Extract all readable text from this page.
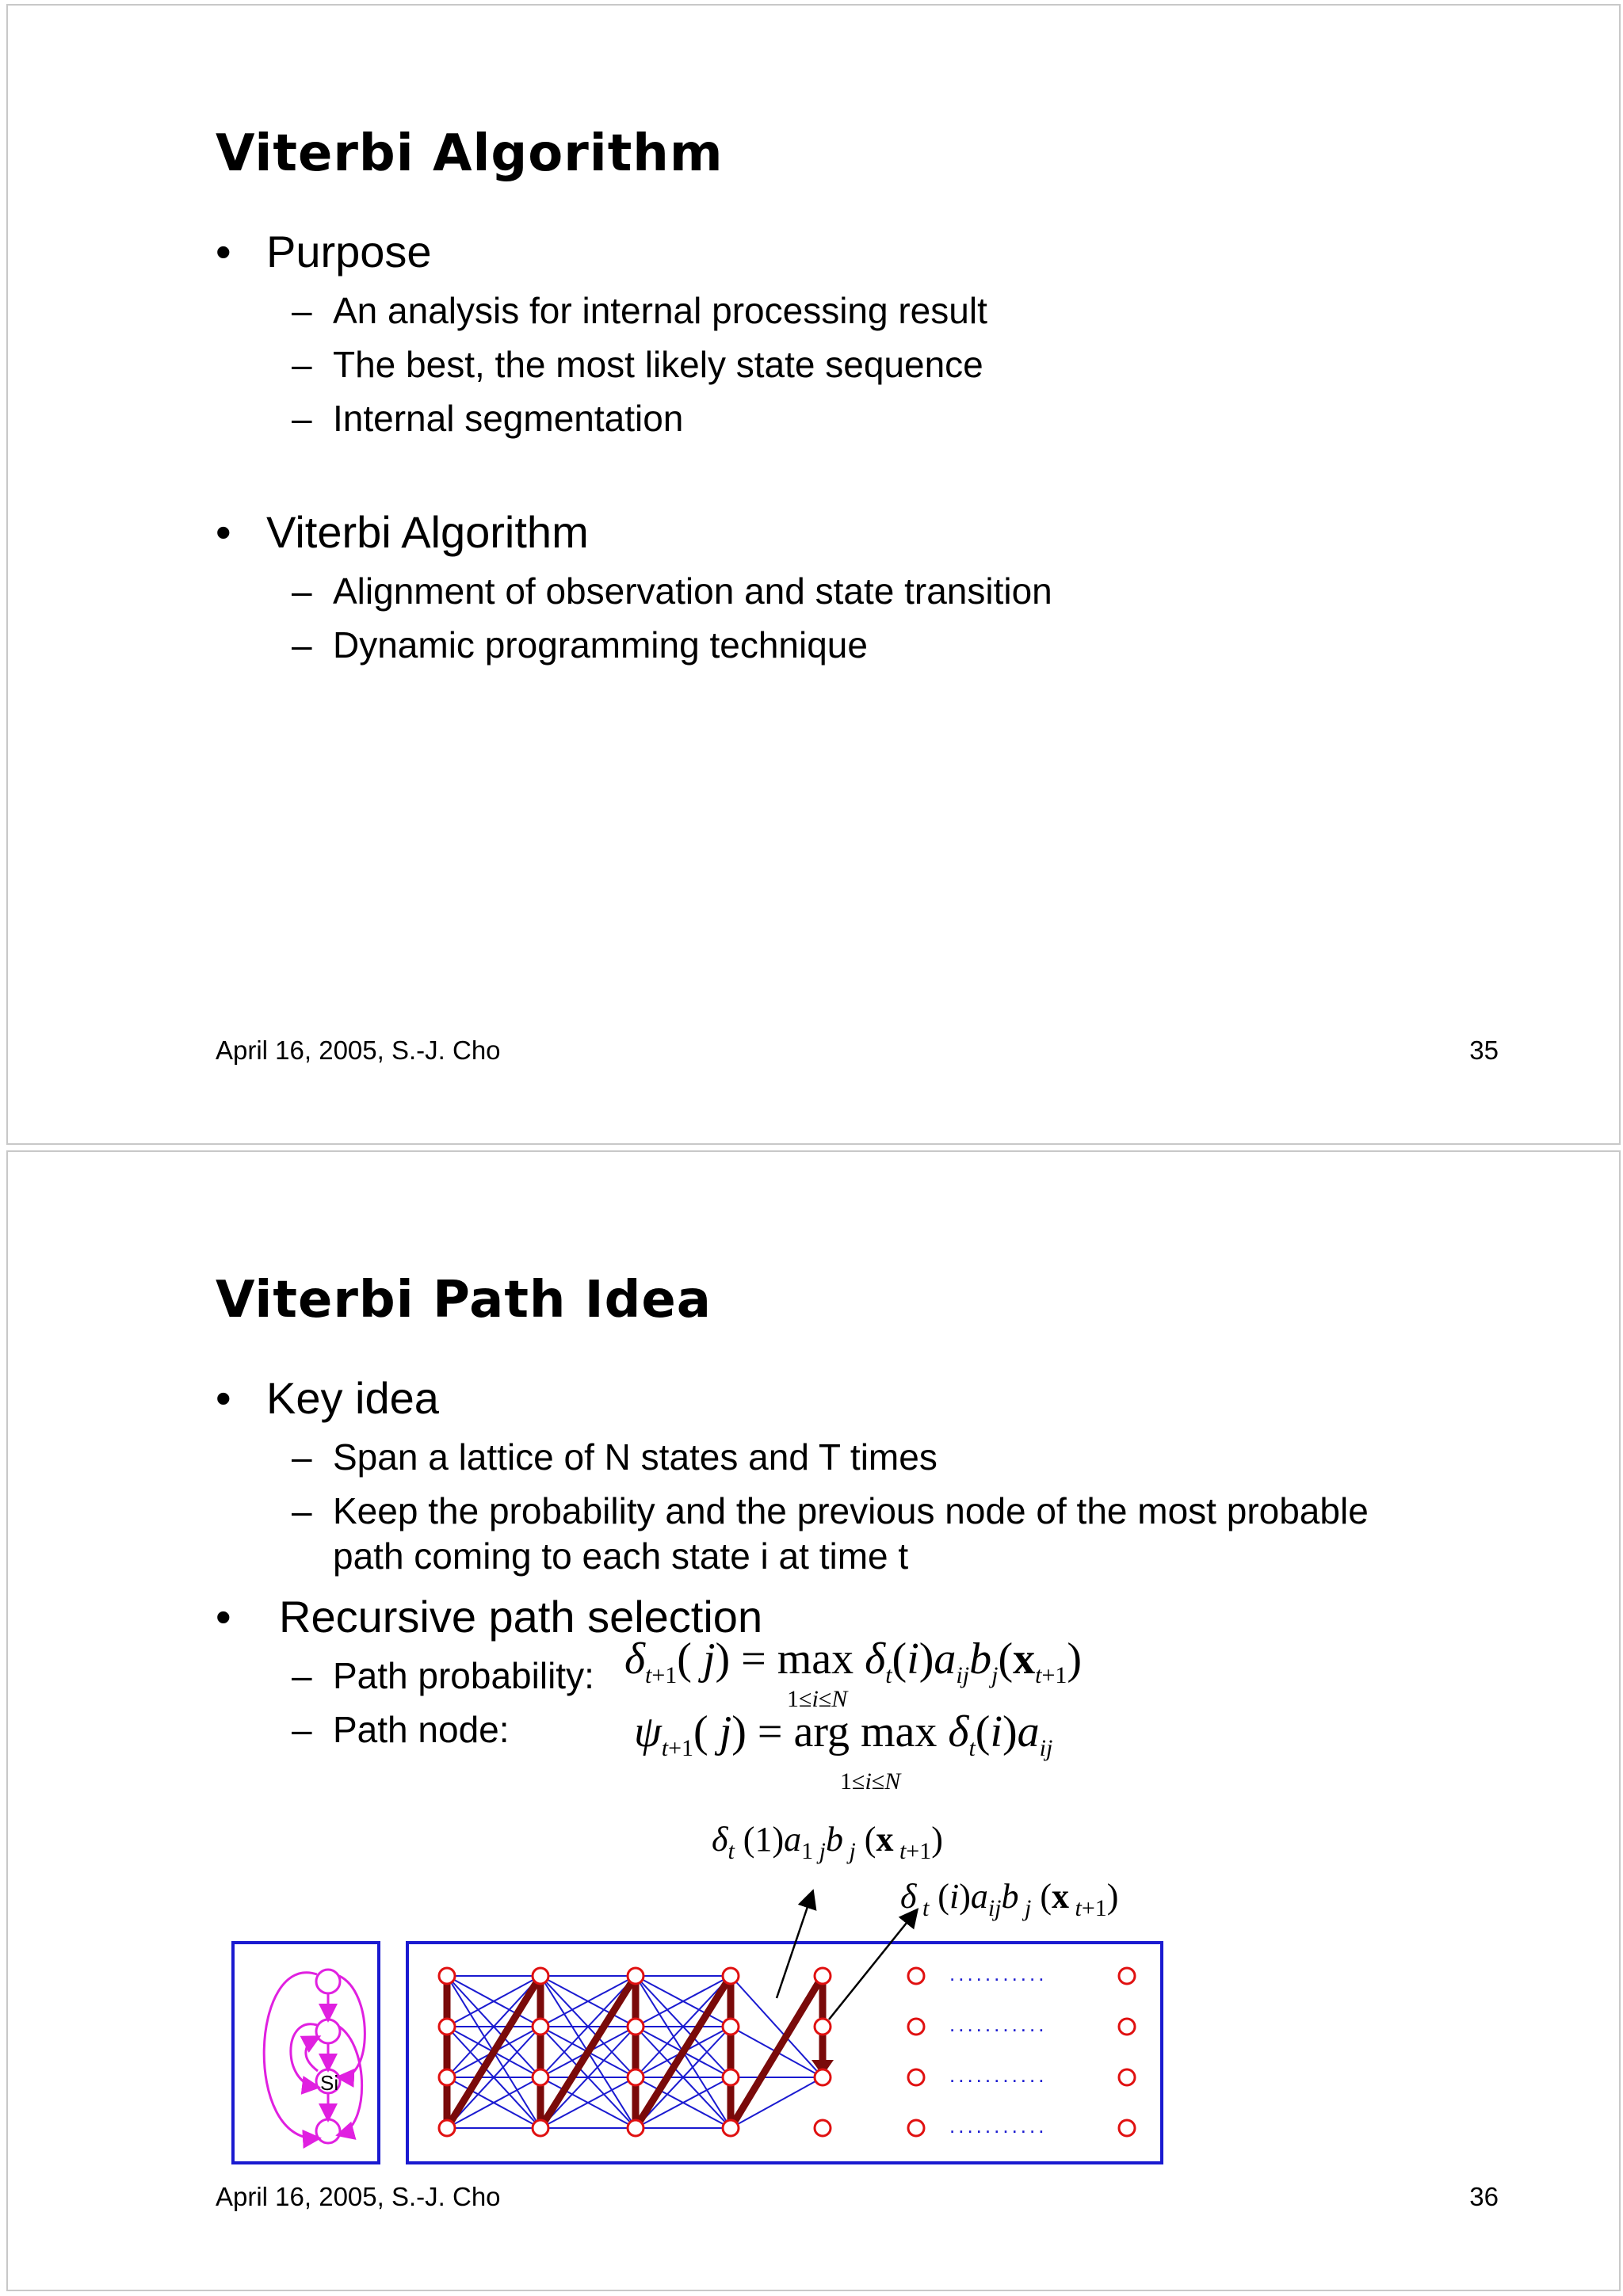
Viterbi Algorithm
• Purpose
– An analysis for internal processing result
– The best, the most likely state sequence
– Internal segmentation
• Viterbi Algorithm
– Alignment of observation and state transition
– Dynamic programming technique
April 16, 2005, S.-J. Cho	35
Viterbi Path Idea
• Key idea
– Span a lattice of N states and T times
– Keep the probability and the previous node of the most probable
path coming to each state i at time t
• Recursive path selection
– Path probability:
– Path node:
$\delta_{t+1}$( $j) = \max \delta_t(i)a_{ij}b_j(x_{t+1})$
1≤i≤N
$\psi_{t+1}$( j) = arg $\max \delta_t(i)a_{ij}$
1≤i≤N
$\delta_t$ $(1)a_{1 j}b$ $_j$ (x $_{t+1}$)
δ $_t$ $(i)a_{ij}b$ $_j$ (x $_{t+1}$)
Si
...........
...........
...........
...........
April 16, 2005, S.-J. Cho	36
